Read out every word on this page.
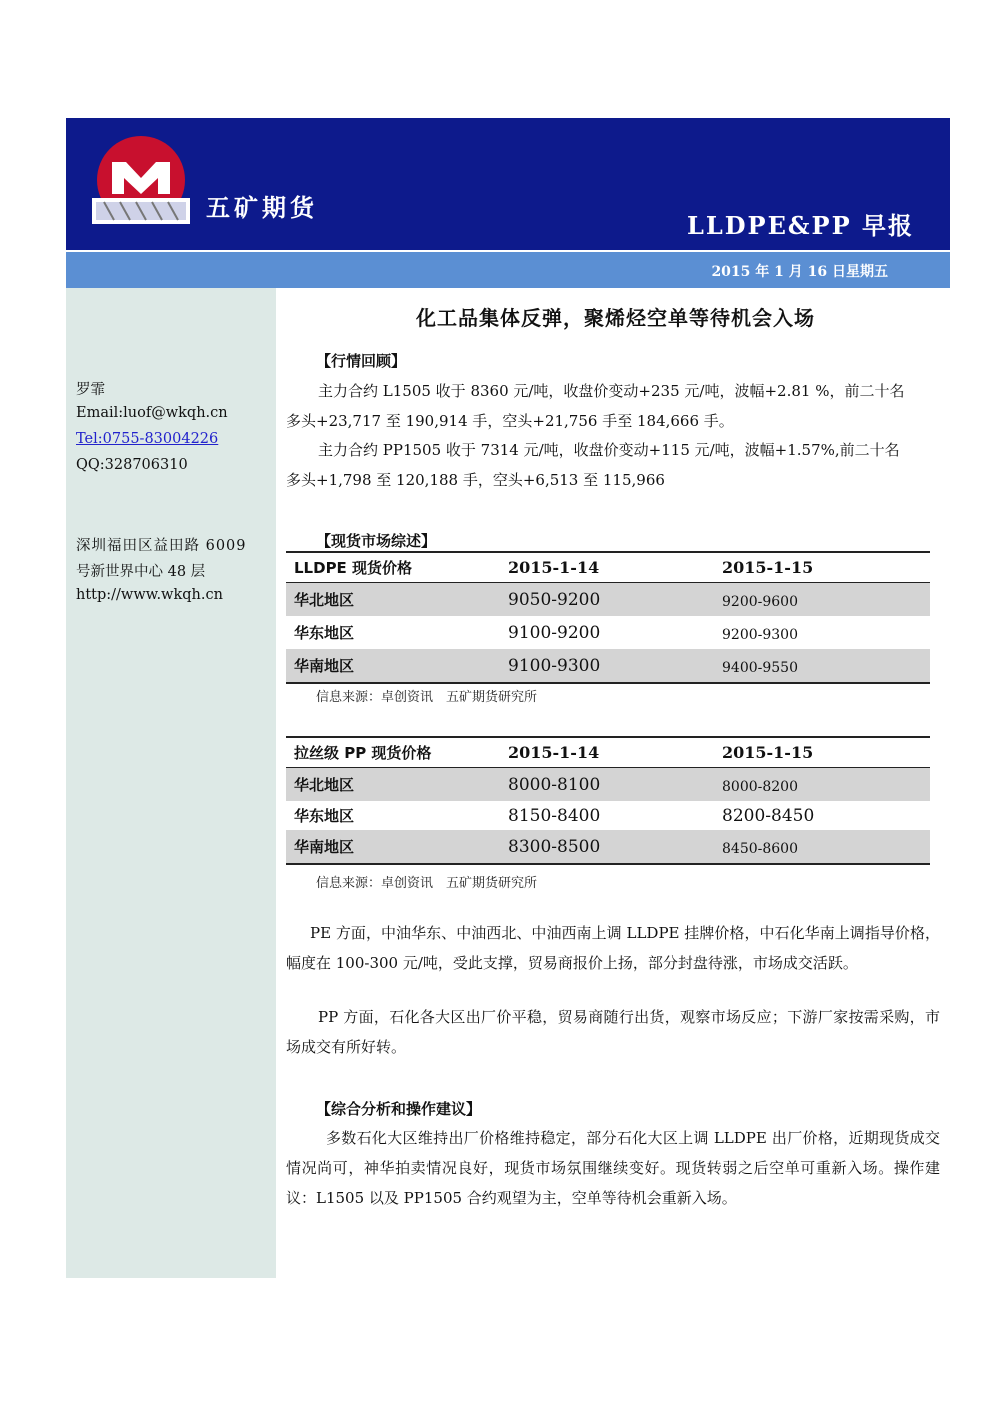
五矿期货
LLDPE&PP 早报
2015 年 1 月 16 日星期五
罗霏
Email:luof@wkqh.cn
Tel:0755-83004226
QQ:328706310
深圳福田区益田路 6009
号新世界中心 48 层
http://www.wkqh.cn
化工品集体反弹，聚烯烃空单等待机会入场
【行情回顾】
主力合约 L1505 收于 8360 元/吨，收盘价变动+235 元/吨，波幅+2.81 %，前二十名
多头+23,717 至 190,914 手，空头+21,756 手至 184,666 手。
主力合约 PP1505 收于 7314 元/吨，收盘价变动+115 元/吨，波幅+1.57%,前二十名
多头+1,798 至 120,188 手，空头+6,513 至 115,966
【现货市场综述】
LLDPE 现货价格	2015-1-14	2015-1-15
华北地区	9050-9200	9200-9600
华东地区	9100-9200	9200-9300
华南地区	9100-9300	9400-9550
信息来源：卓创资讯　五矿期货研究所
拉丝级 PP 现货价格	2015-1-14	2015-1-15
华北地区	8000-8100	8000-8200
华东地区	8150-8400	8200-8450
华南地区	8300-8500	8450-8600
信息来源：卓创资讯　五矿期货研究所
PE 方面，中油华东、中油西北、中油西南上调 LLDPE 挂牌价格，中石化华南上调指导价格，幅度在 100-300 元/吨，受此支撑，贸易商报价上扬，部分封盘待涨，市场成交活跃。
PP 方面，石化各大区出厂价平稳，贸易商随行出货，观察市场反应；下游厂家按需采购，市场成交有所好转。
【综合分析和操作建议】
多数石化大区维持出厂价格维持稳定，部分石化大区上调 LLDPE 出厂价格，近期现货成交情况尚可，神华拍卖情况良好，现货市场氛围继续变好。现货转弱之后空单可重新入场。操作建议：L1505 以及 PP1505 合约观望为主，空单等待机会重新入场。
